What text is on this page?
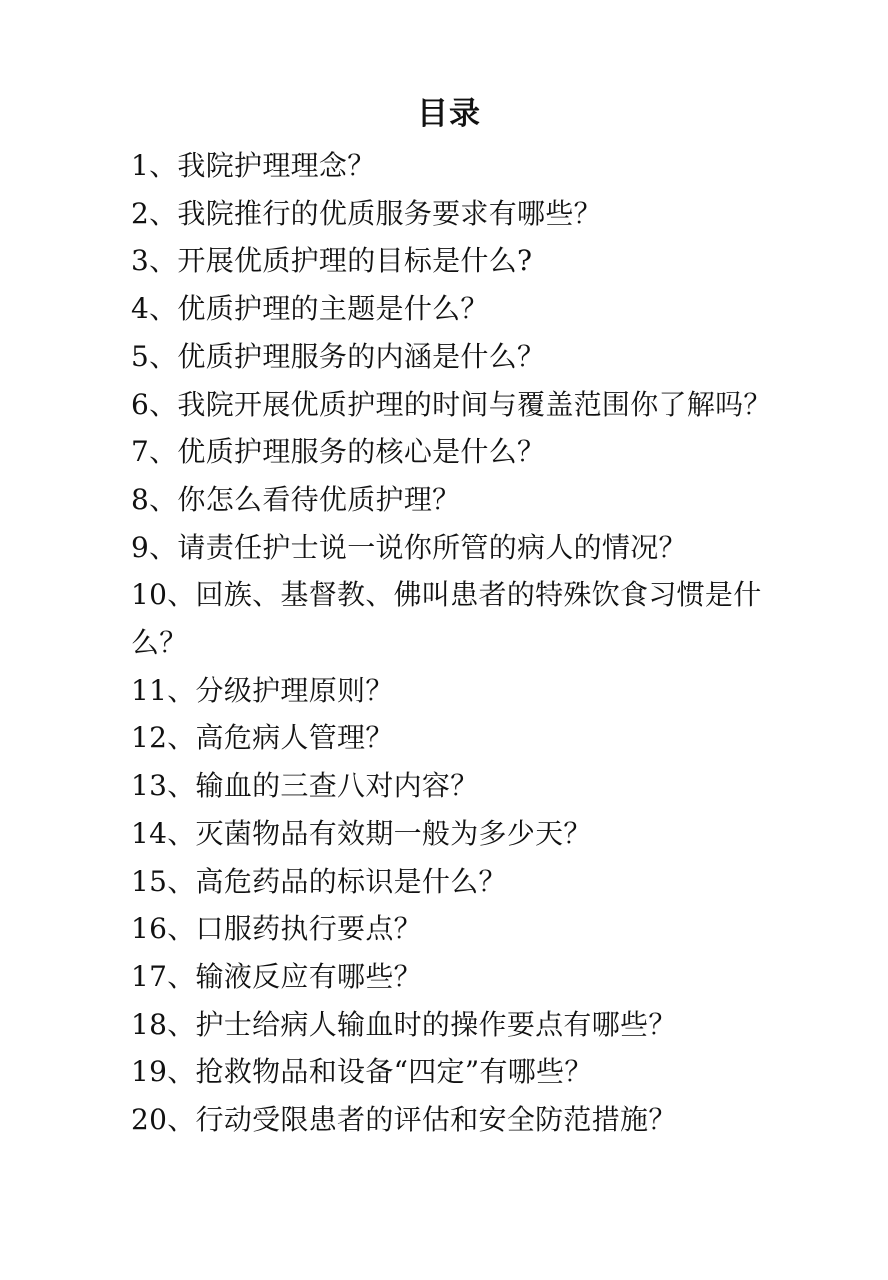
目录
1、我院护理理念？
2、我院推行的优质服务要求有哪些？
3、开展优质护理的目标是什么?
4、优质护理的主题是什么？
5、优质护理服务的内涵是什么？
6、我院开展优质护理的时间与覆盖范围你了解吗？
7、优质护理服务的核心是什么？
8、你怎么看待优质护理？
9、请责任护士说一说你所管的病人的情况？
10、回族、基督教、佛叫患者的特殊饮食习惯是什么？
11、分级护理原则？
12、高危病人管理？
13、输血的三查八对内容？
14、灭菌物品有效期一般为多少天？
15、高危药品的标识是什么？
16、口服药执行要点？
17、输液反应有哪些？
18、护士给病人输血时的操作要点有哪些？
19、抢救物品和设备“四定”有哪些？
20、行动受限患者的评估和安全防范措施？
